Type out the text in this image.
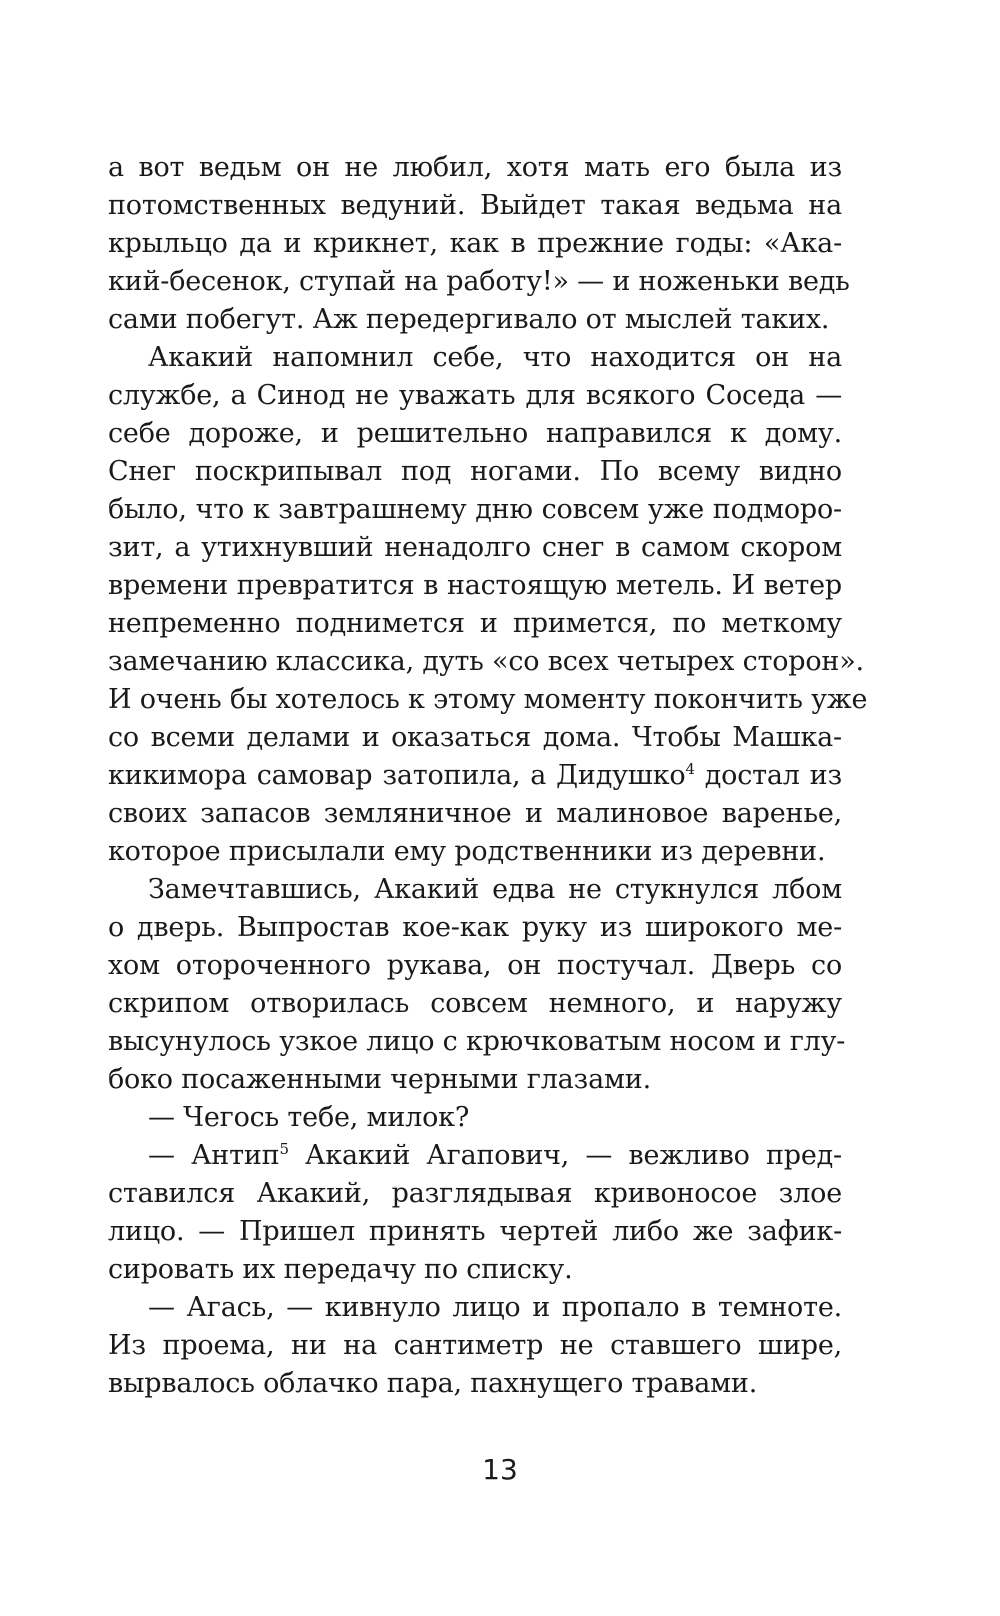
а вот ведьм он не любил, хотя мать его была из
потомственных ведуний. Выйдет такая ведьма на
крыльцо да и крикнет, как в прежние годы: «Ака-
кий-бесенок, ступай на работу!» — и ноженьки ведь
сами побегут. Аж передергивало от мыслей таких.
Акакий напомнил себе, что находится он на
службе, а Синод не уважать для всякого Соседа —
себе дороже, и решительно направился к дому.
Снег поскрипывал под ногами. По всему видно
было, что к завтрашнему дню совсем уже подморо-
зит, а утихнувший ненадолго снег в самом скором
времени превратится в настоящую метель. И ветер
непременно поднимется и примется, по меткому
замечанию классика, дуть «со всех четырех сторон».
И очень бы хотелось к этому моменту покончить уже
со всеми делами и оказаться дома. Чтобы Машка-
кикимора самовар затопила, а Дидушко$^4$ достал из
своих запасов земляничное и малиновое варенье,
которое присылали ему родственники из деревни.
Замечтавшись, Акакий едва не стукнулся лбом
о дверь. Выпростав кое-как руку из широкого ме-
хом отороченного рукава, он постучал. Дверь со
скрипом отворилась совсем немного, и наружу
высунулось узкое лицо с крючковатым носом и глу-
боко посаженными черными глазами.
— Чегось тебе, милок?
— Антип$^5$ Акакий Агапович, — вежливо пред-
ставился Акакий, разглядывая кривоносое злое
лицо. — Пришел принять чертей либо же зафик-
сировать их передачу по списку.
— Агась, — кивнуло лицо и пропало в темноте.
Из проема, ни на сантиметр не ставшего шире,
вырвалось облачко пара, пахнущего травами.
13
